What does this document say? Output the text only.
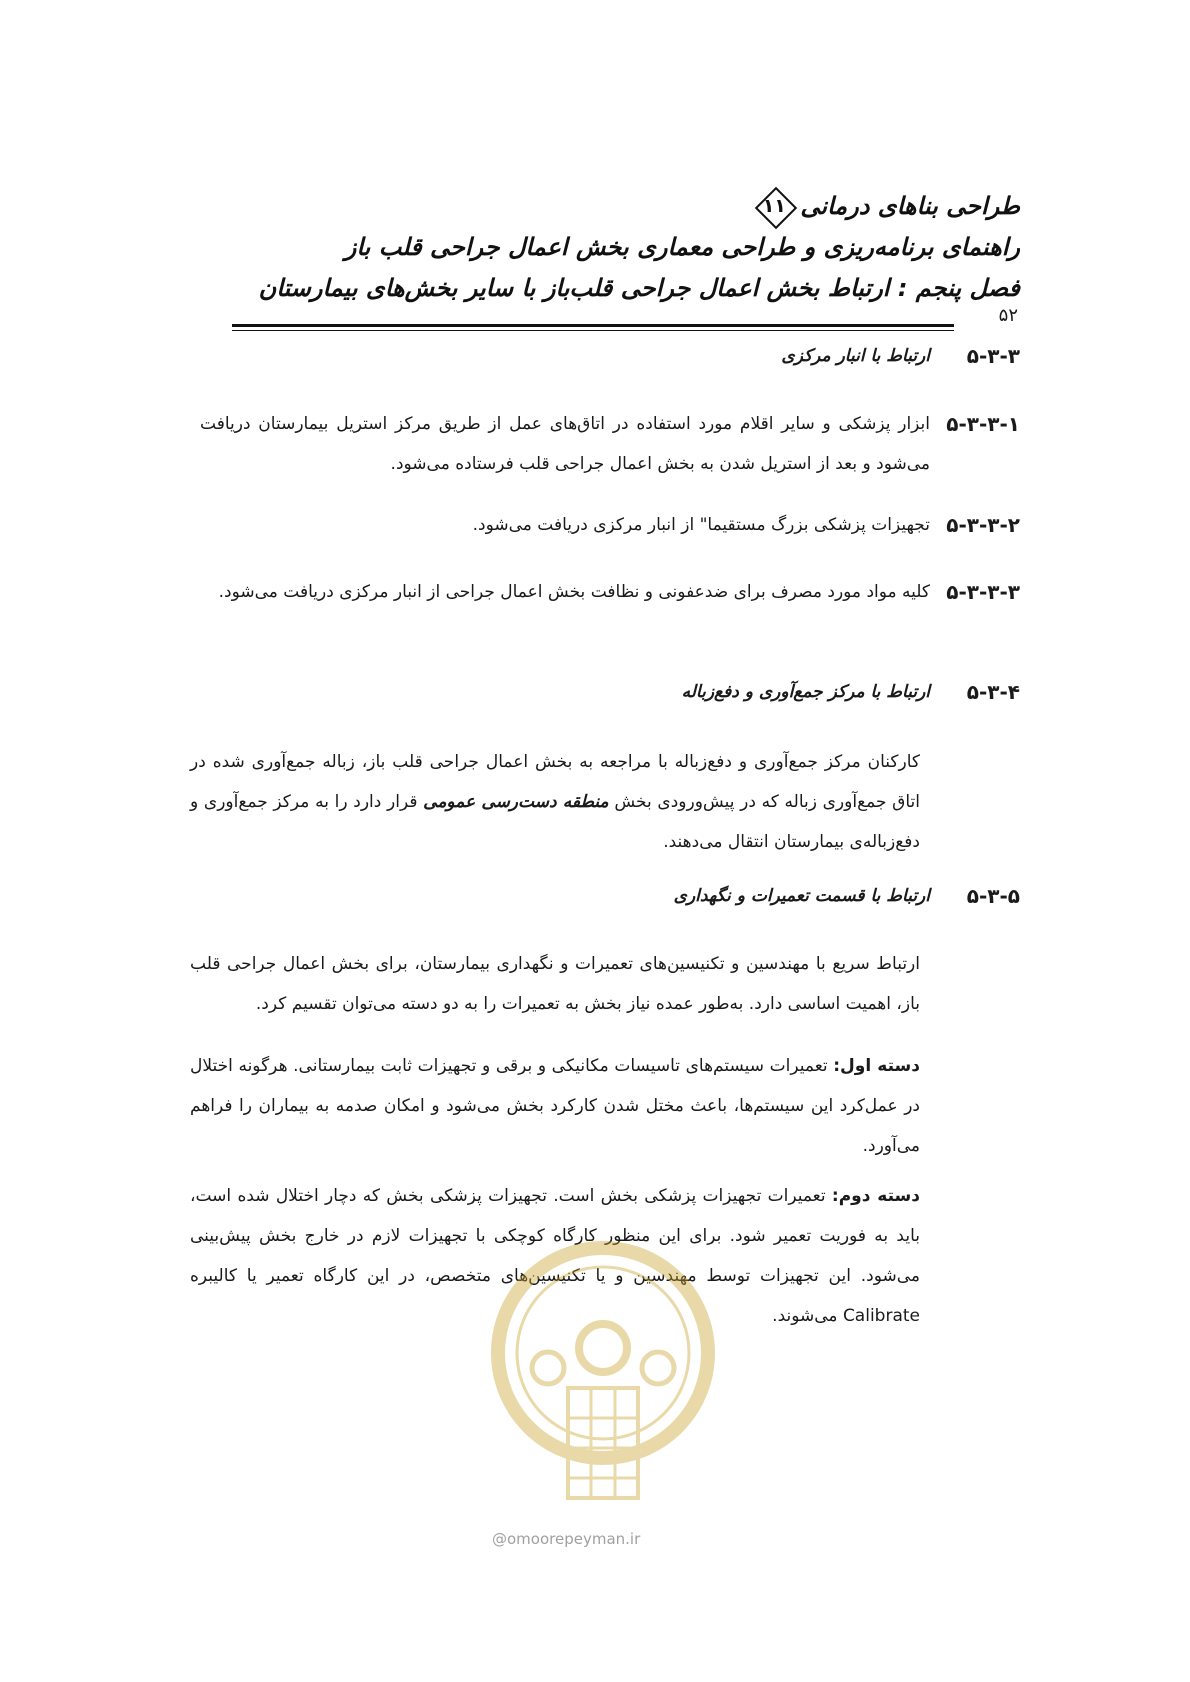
طراحی بناهای درمانی
۱۱
راهنمای برنامه‌ریزی و طراحی معماری بخش اعمال جراحی قلب باز
فصل پنجم : ارتباط بخش اعمال جراحی قلب‌باز با سایر بخش‌های بیمارستان
۵۲
۵-۳-۳
ارتباط با انبار مرکزی
۵-۳-۳-۱
ابزار پزشکی و سایر اقلام مورد استفاده در اتاق‌های عمل از طریق مرکز استریل بیمارستان دریافت می‌شود و بعد از استریل شدن به بخش اعمال جراحی قلب فرستاده می‌شود.
۵-۳-۳-۲
تجهیزات پزشکی بزرگ مستقیما" از انبار مرکزی دریافت می‌شود.
۵-۳-۳-۳
کلیه مواد مورد مصرف برای ضدعفونی و نظافت بخش اعمال جراحی از انبار مرکزی دریافت می‌شود.
۵-۳-۴
ارتباط با مرکز جمع‌آوری و دفع‌زباله
کارکنان مرکز جمع‌آوری و دفع‌زباله با مراجعه به بخش اعمال جراحی قلب باز، زباله جمع‌آوری شده در اتاق جمع‌آوری زباله که در پیش‌ورودی بخش منطقه دست‌رسی عمومی قرار دارد را به مرکز جمع‌آوری و دفع‌زباله‌ی بیمارستان انتقال می‌دهند.
۵-۳-۵
ارتباط با قسمت تعمیرات و نگهداری
ارتباط سریع با مهندسین و تکنیسین‌های تعمیرات و نگهداری بیمارستان، برای بخش اعمال جراحی قلب باز، اهمیت اساسی دارد. به‌طور عمده نیاز بخش به تعمیرات را به دو دسته می‌توان تقسیم کرد.
دسته اول: تعمیرات سیستم‌های تاسیسات مکانیکی و برقی و تجهیزات ثابت بیمارستانی. هرگونه اختلال در عمل‌کرد این سیستم‌ها، باعث مختل شدن کارکرد بخش می‌شود و امکان صدمه به بیماران را فراهم می‌آورد.
دسته دوم: تعمیرات تجهیزات پزشکی بخش است. تجهیزات پزشکی بخش که دچار اختلال شده است، باید به فوریت تعمیر شود. برای این منظور کارگاه کوچکی با تجهیزات لازم در خارج بخش پیش‌بینی می‌شود. این تجهیزات توسط مهندسین و یا تکنیسین‌های متخصص، در این کارگاه تعمیر یا کالیبره Calibrate می‌شوند.
@omoorepeyman.ir
